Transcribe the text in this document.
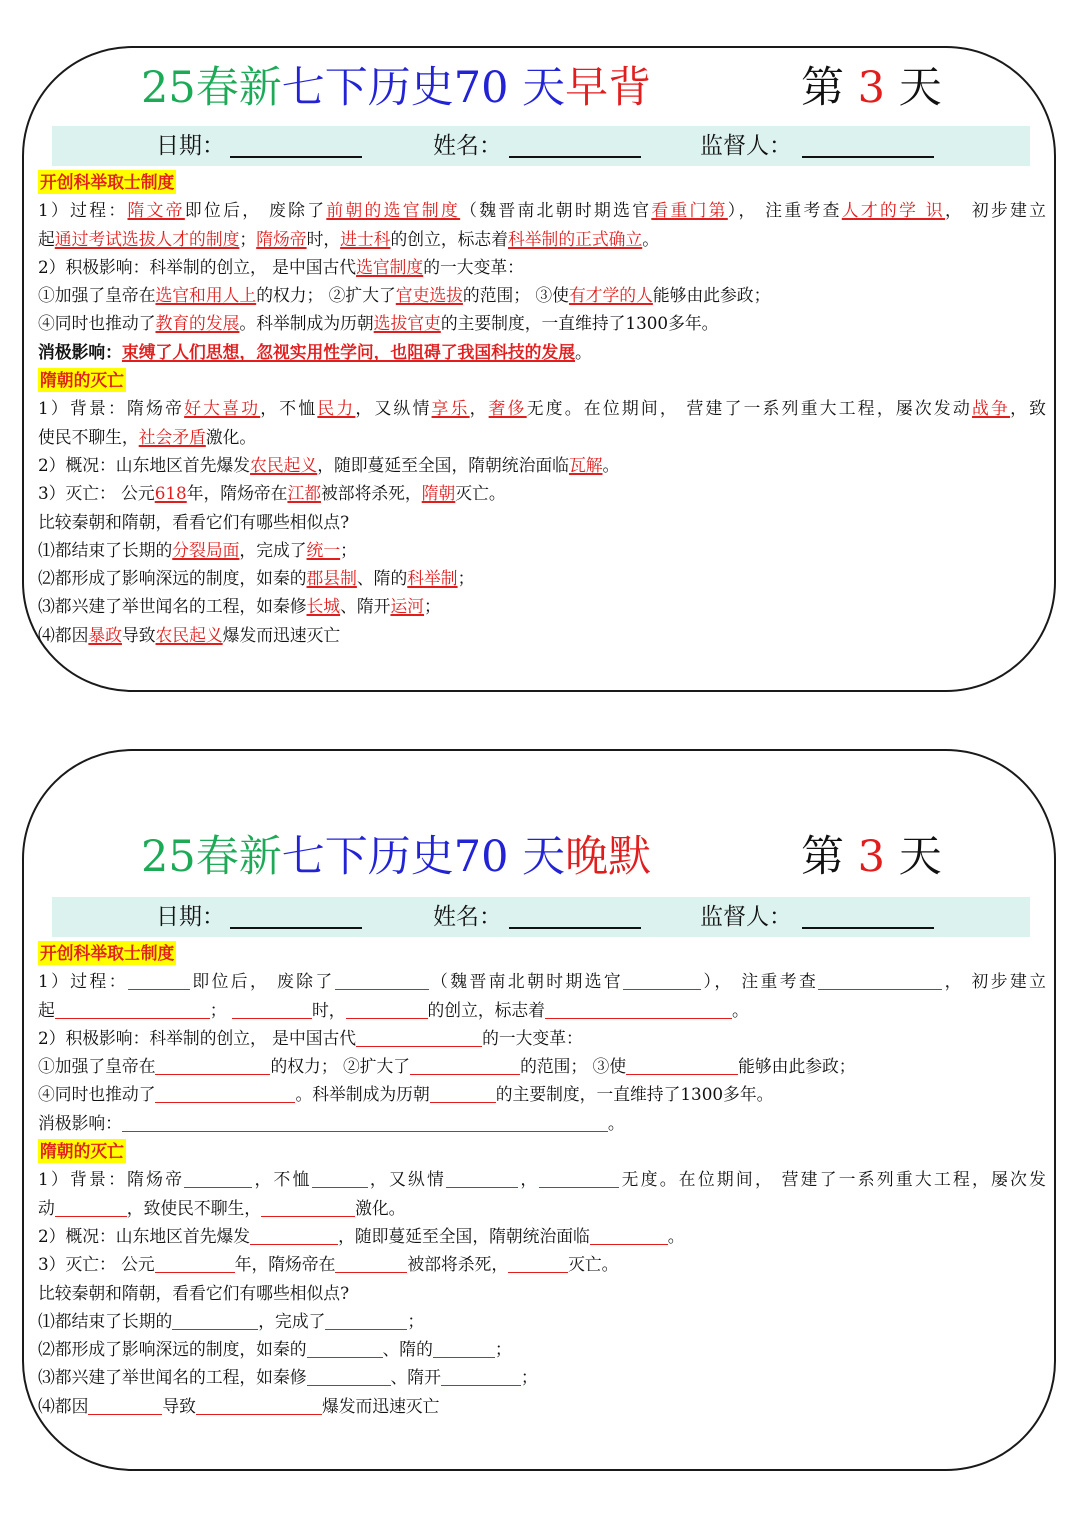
25春新七下历史70 天早背	第 3 天
日期：	姓名：	监督人：
开创科举取士制度
1）过程：隋文帝即位后， 废除了前朝的选官制度（魏晋南北朝时期选官看重门第）， 注重考查人才的学 识， 初步建立
起通过考试选拔人才的制度；隋炀帝时，进士科的创立，标志着科举制的正式确立。
2）积极影响：科举制的创立， 是中国古代选官制度的一大变革：
①加强了皇帝在选官和用人上的权力； ②扩大了官吏选拔的范围； ③使有才学的人能够由此参政；
④同时也推动了教育的发展。科举制成为历朝选拔官吏的主要制度，一直维持了1300多年。
消极影响：束缚了人们思想，忽视实用性学问，也阻碍了我国科技的发展。
隋朝的灭亡
1）背景：隋炀帝好大喜功，不恤民力，又纵情享乐，奢侈无度。在位期间， 营建了一系列重大工程，屡次发动战争，致
使民不聊生，社会矛盾激化。
2）概况：山东地区首先爆发农民起义，随即蔓延至全国，隋朝统治面临瓦解。
3）灭亡： 公元618年，隋炀帝在江都被部将杀死，隋朝灭亡。
比较秦朝和隋朝，看看它们有哪些相似点?
⑴都结束了长期的分裂局面，完成了统一；
⑵都形成了影响深远的制度，如秦的郡县制、隋的科举制；
⑶都兴建了举世闻名的工程，如秦修长城、隋开运河；
⑷都因暴政导致农民起义爆发而迅速灭亡
25春新七下历史70 天晚默	第 3 天
日期：	姓名：	监督人：
开创科举取士制度
1）过程：	即位后， 废除了	（魏晋南北朝时期选官	）， 注重考查	， 初步建立
起	；	时，	的创立，标志着	。
2）积极影响：科举制的创立， 是中国古代	的一大变革：
①加强了皇帝在	的权力； ②扩大了	的范围； ③使	能够由此参政；
④同时也推动了	。科举制成为历朝	的主要制度，一直维持了1300多年。
消极影响：	。
隋朝的灭亡
1）背景：隋炀帝	，不恤	，又纵情	，	无度。在位期间， 营建了一系列重大工程，屡次发
动	，致使民不聊生，	激化。
2）概况：山东地区首先爆发	，随即蔓延至全国，隋朝统治面临	。
3）灭亡： 公元	年，隋炀帝在	被部将杀死，	灭亡。
比较秦朝和隋朝，看看它们有哪些相似点?
⑴都结束了长期的	，完成了	；
⑵都形成了影响深远的制度，如秦的	、隋的	；
⑶都兴建了举世闻名的工程，如秦修	、隋开	；
⑷都因	导致	爆发而迅速灭亡
